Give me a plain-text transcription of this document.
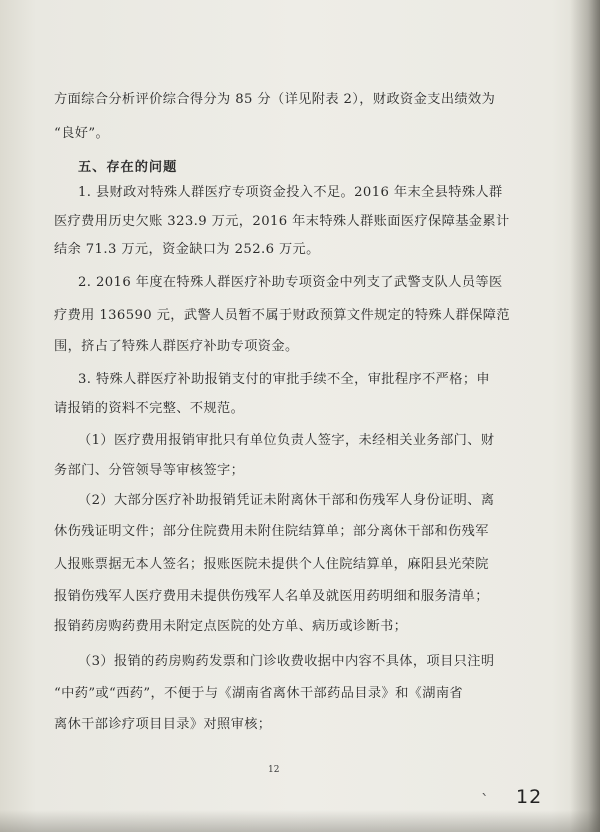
方面综合分析评价综合得分为 85 分（详见附表 2），财政资金支出绩效为
“良好”。
五、存在的问题
1. 县财政对特殊人群医疗专项资金投入不足。2016 年末全县特殊人群
医疗费用历史欠账 323.9 万元，2016 年末特殊人群账面医疗保障基金累计
结余 71.3 万元，资金缺口为 252.6 万元。
2. 2016 年度在特殊人群医疗补助专项资金中列支了武警支队人员等医
疗费用 136590 元，武警人员暂不属于财政预算文件规定的特殊人群保障范
围，挤占了特殊人群医疗补助专项资金。
3. 特殊人群医疗补助报销支付的审批手续不全，审批程序不严格；申
请报销的资料不完整、不规范。
（1）医疗费用报销审批只有单位负责人签字，未经相关业务部门、财
务部门、分管领导等审核签字；
（2）大部分医疗补助报销凭证未附离休干部和伤残军人身份证明、离
休伤残证明文件；部分住院费用未附住院结算单；部分离休干部和伤残军
人报账票据无本人签名；报账医院未提供个人住院结算单，麻阳县光荣院
报销伤残军人医疗费用未提供伤残军人名单及就医用药明细和服务清单；
报销药房购药费用未附定点医院的处方单、病历或诊断书；
（3）报销的药房购药发票和门诊收费收据中内容不具体，项目只注明
“中药”或“西药”，不便于与《湖南省离休干部药品目录》和《湖南省
离休干部诊疗项目目录》对照审核；
12
ˋ 12
